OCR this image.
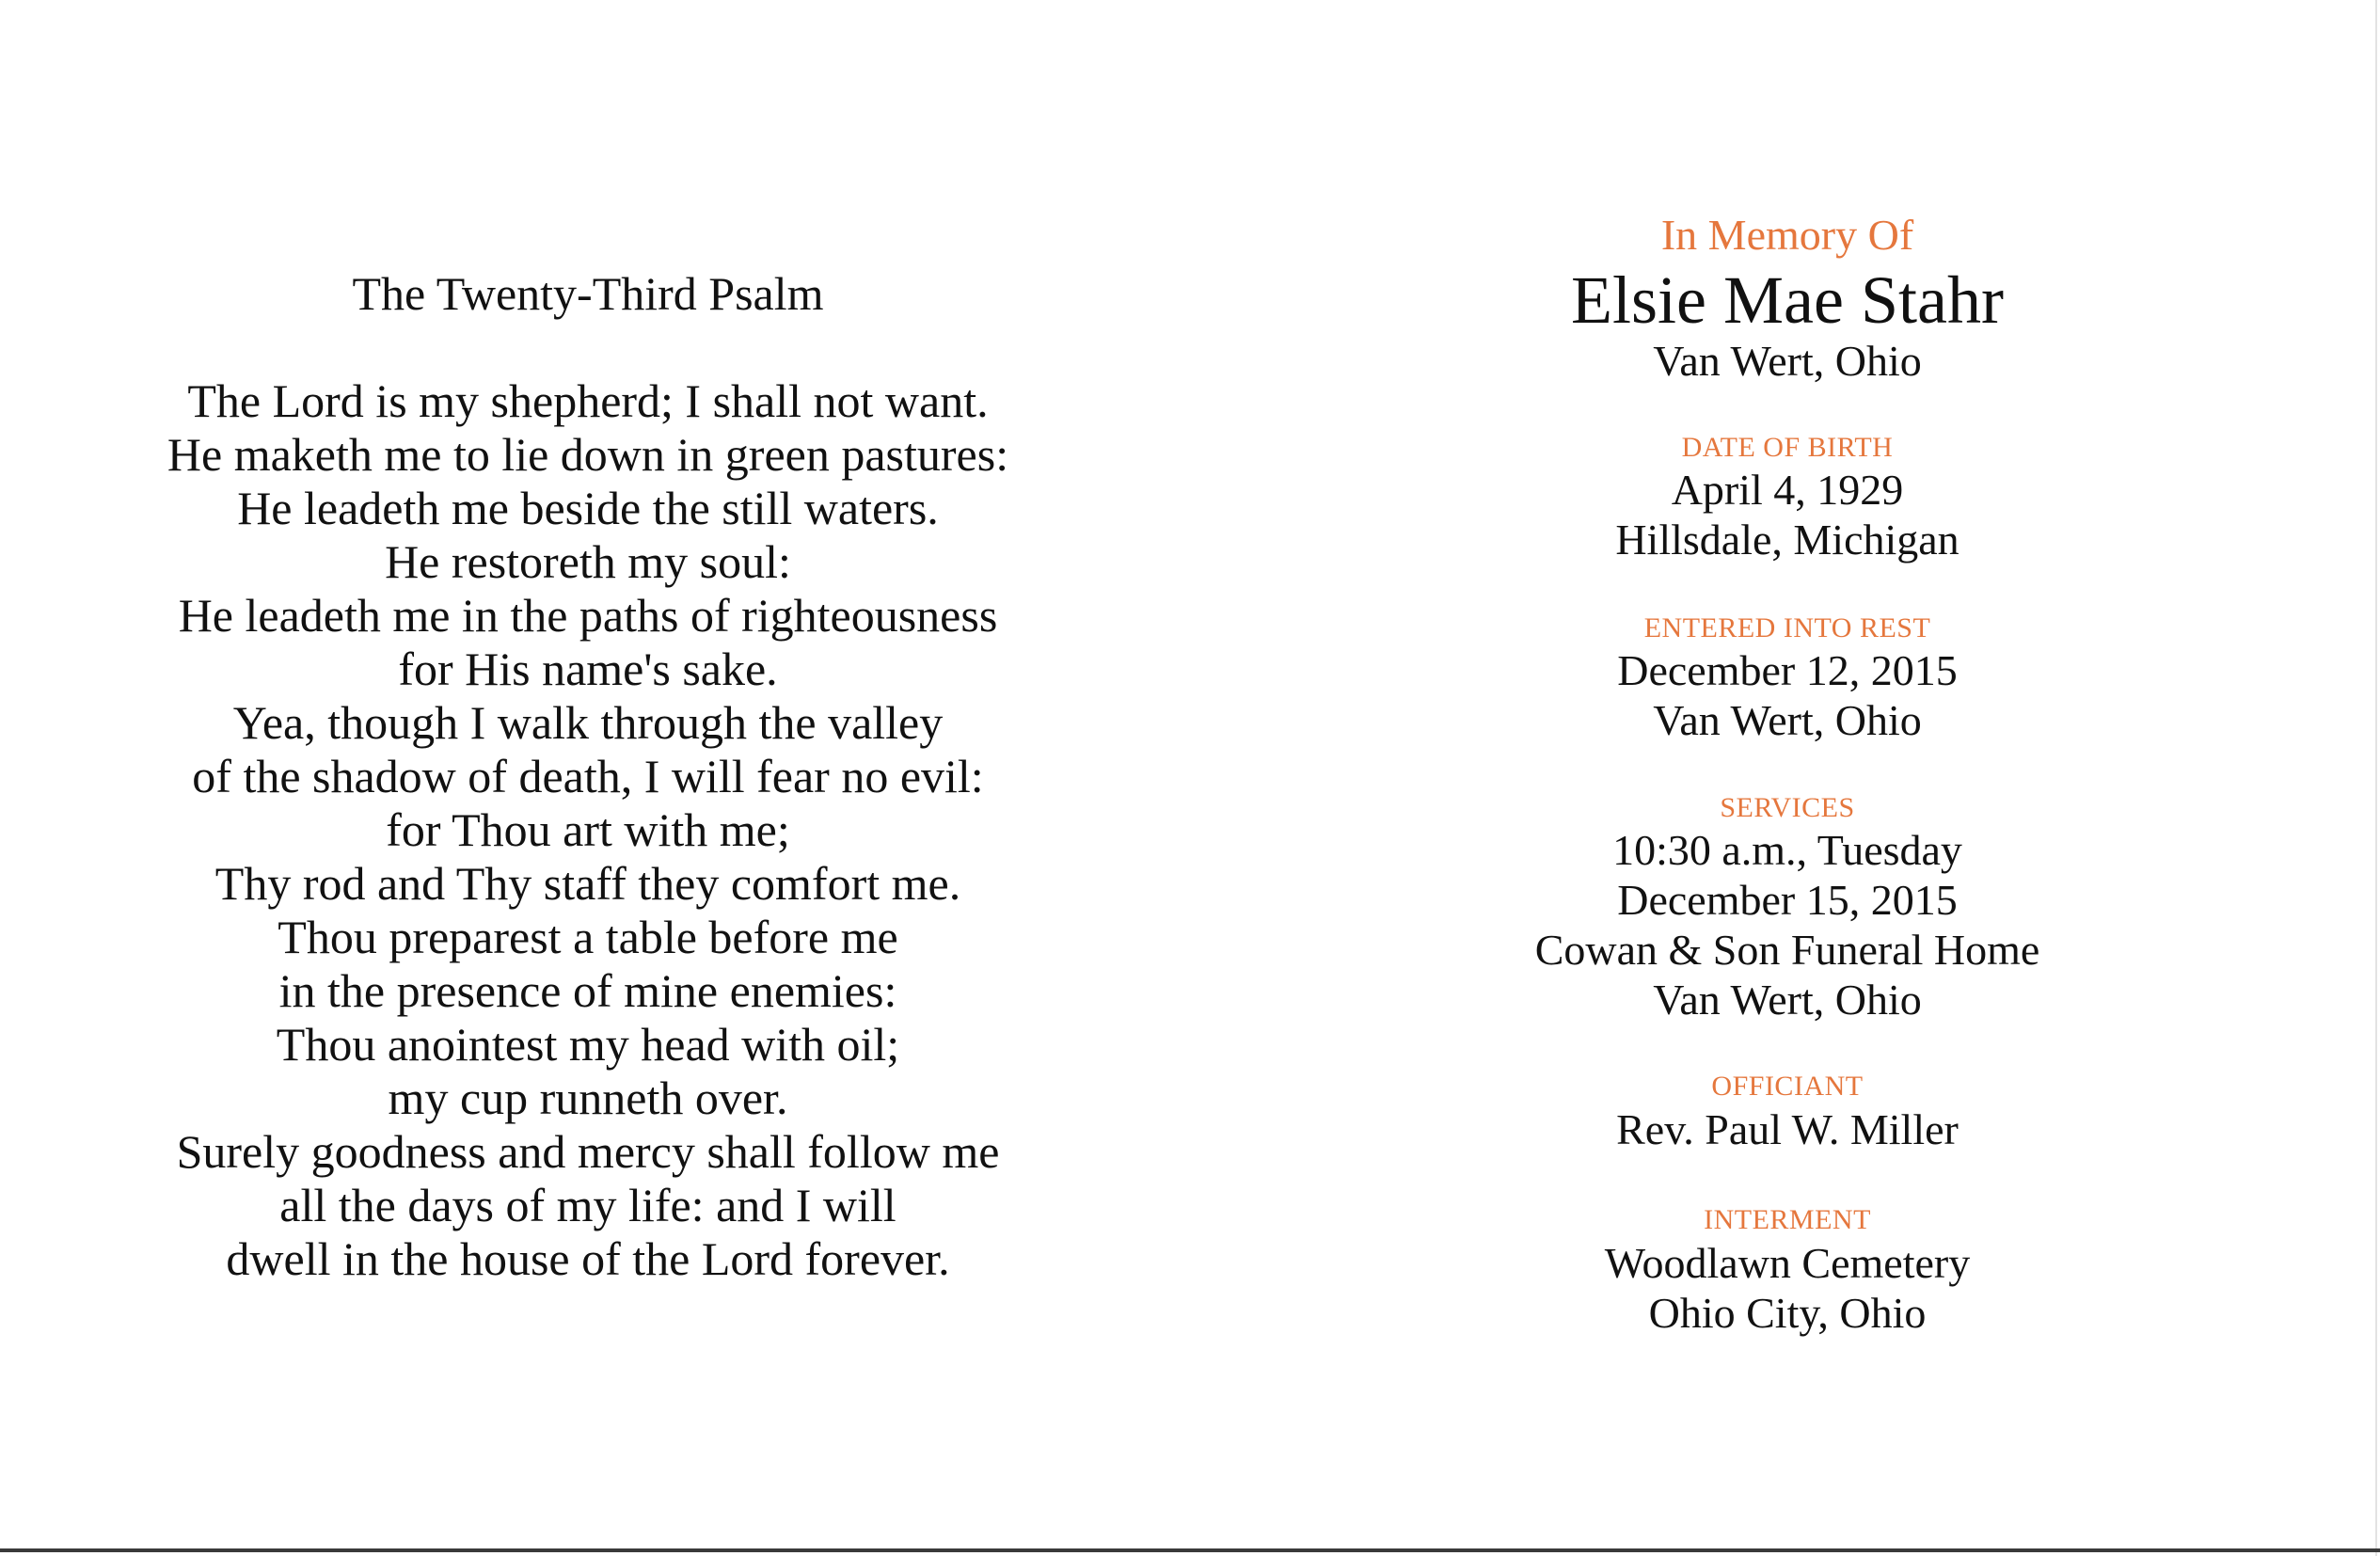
The Twenty-Third Psalm
The Lord is my shepherd; I shall not want.
He maketh me to lie down in green pastures:
He leadeth me beside the still waters.
He restoreth my soul:
He leadeth me in the paths of righteousness
for His name's sake.
Yea, though I walk through the valley
of the shadow of death, I will fear no evil:
for Thou art with me;
Thy rod and Thy staff they comfort me.
Thou preparest a table before me
in the presence of mine enemies:
Thou anointest my head with oil;
my cup runneth over.
Surely goodness and mercy shall follow me
all the days of my life: and I will
dwell in the house of the Lord forever.
In Memory Of
Elsie Mae Stahr
Van Wert, Ohio
DATE OF BIRTH
April 4, 1929
Hillsdale, Michigan
ENTERED INTO REST
December 12, 2015
Van Wert, Ohio
SERVICES
10:30 a.m., Tuesday
December 15, 2015
Cowan & Son Funeral Home
Van Wert, Ohio
OFFICIANT
Rev. Paul W. Miller
INTERMENT
Woodlawn Cemetery
Ohio City, Ohio
